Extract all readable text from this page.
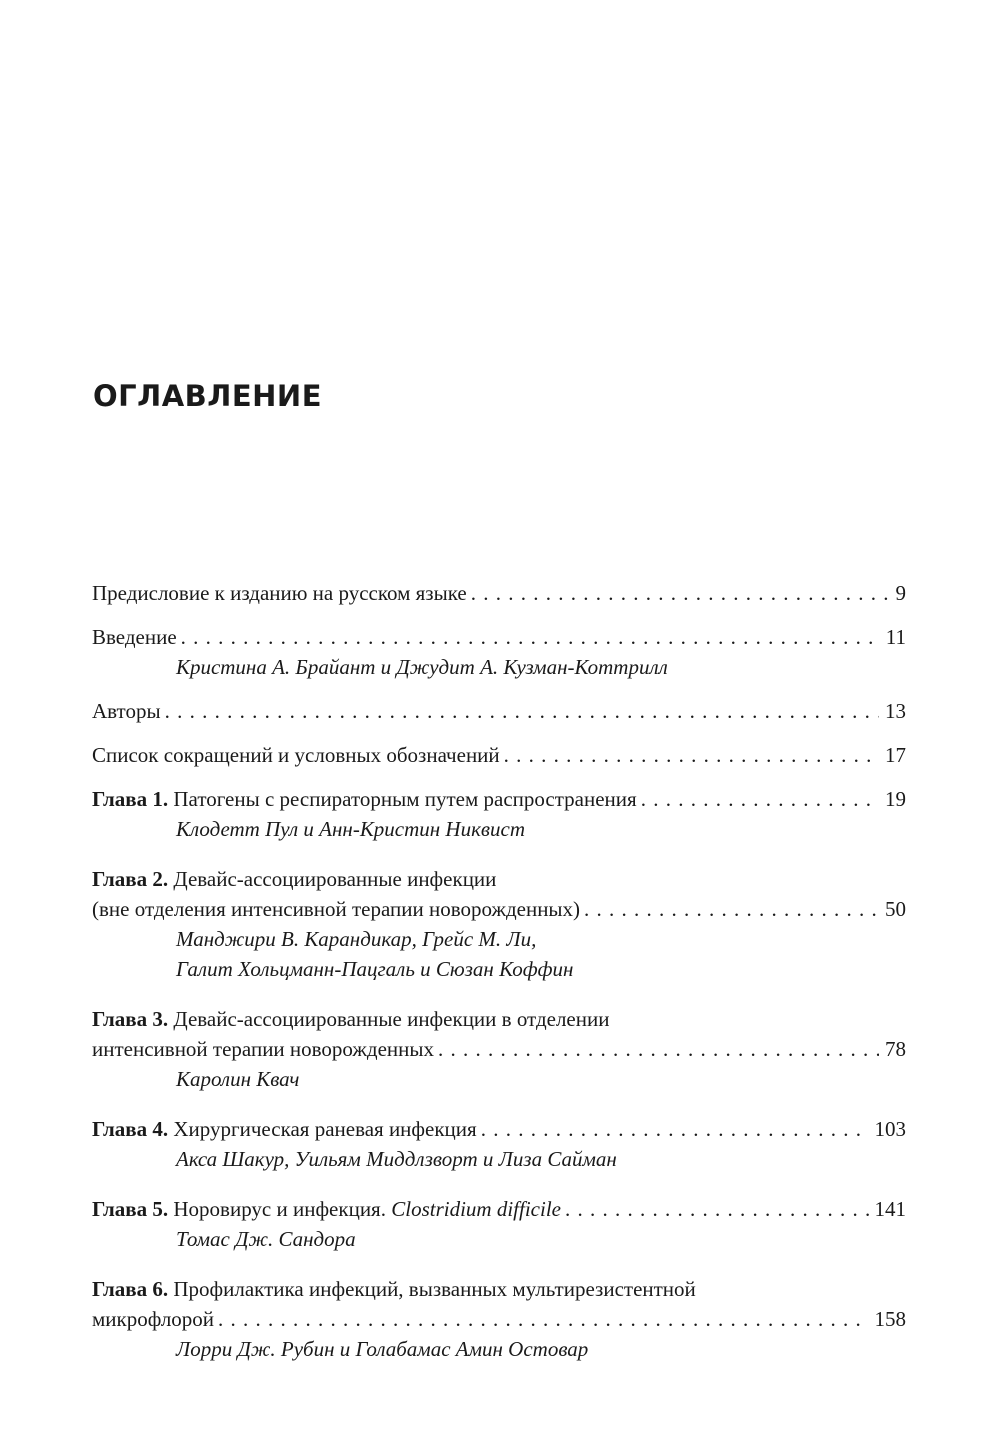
ОГЛАВЛЕНИЕ
Предисловие к изданию на русском языке . . .	9
Введение . . .	11
Кристина А. Брайант и Джудит А. Кузман-Коттрилл
Авторы . . .	13
Список сокращений и условных обозначений . . .	17
Глава 1. Патогены с респираторным путем распространения . . .	19
Клодетт Пул и Анн-Кристин Никвист
Глава 2. Девайс-ассоциированные инфекции
(вне отделения интенсивной терапии новорожденных) . . .	50
Манджири В. Карандикар, Грейс М. Ли,
Галит Хольцманн-Пацгаль и Сюзан Коффин
Глава 3. Девайс-ассоциированные инфекции в отделении
интенсивной терапии новорожденных . . .	78
Каролин Квач
Глава 4. Хирургическая раневая инфекция . . .	103
Акса Шакур, Уильям Миддлзворт и Лиза Сайман
Глава 5. Норовирус и инфекция. Clostridium difficile . . .	141
Томас Дж. Сандора
Глава 6. Профилактика инфекций, вызванных мультирезистентной
микрофлорой . . .	158
Лорри Дж. Рубин и Голабамас Амин Остовар
